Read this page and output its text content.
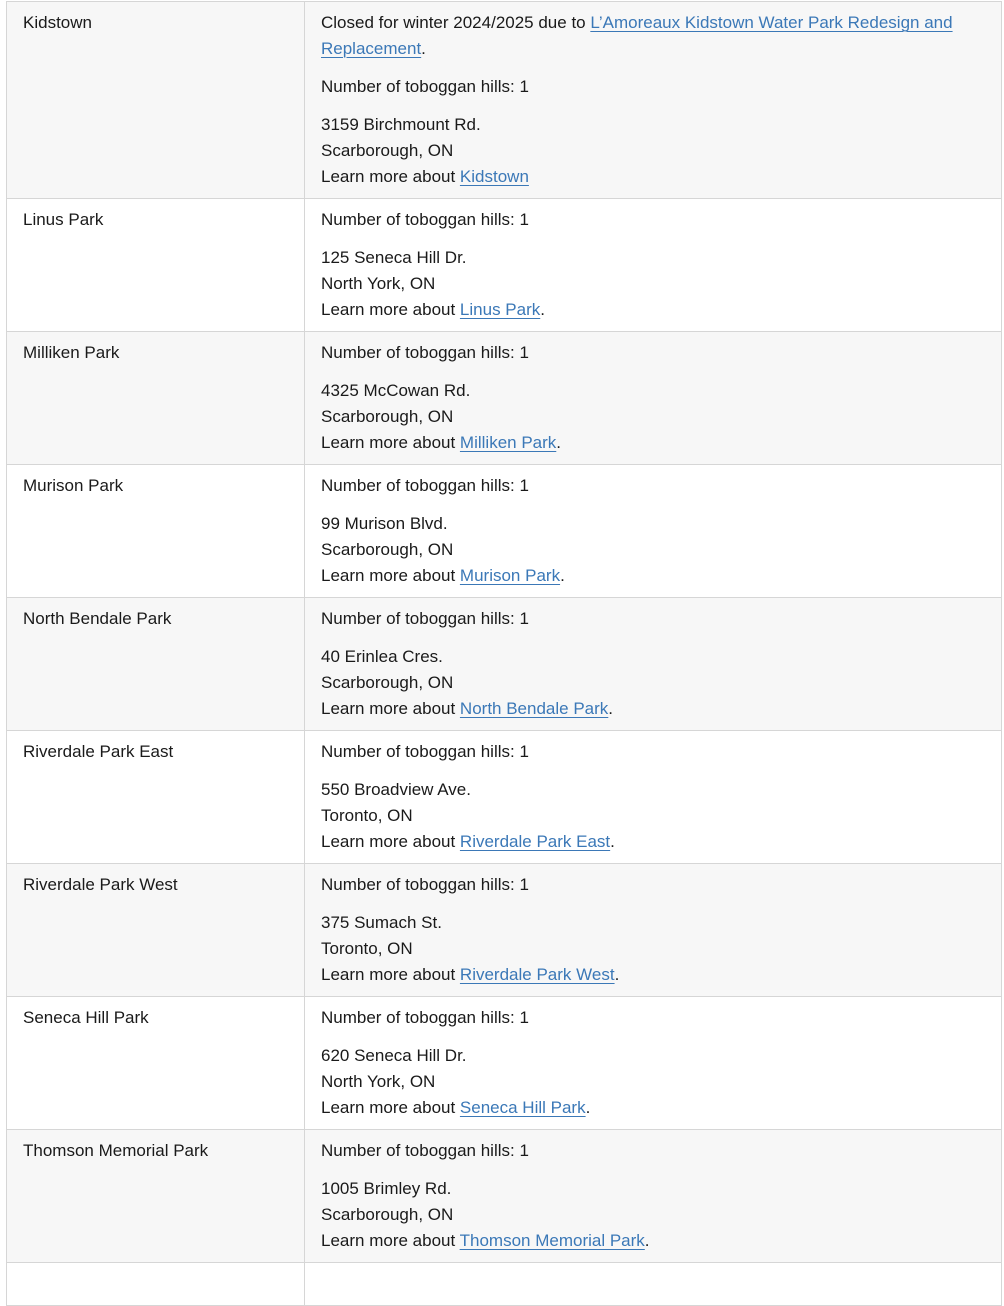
Kidstown	Closed for winter 2024/2025 due to L’Amoreaux Kidstown Water Park Redesign and Replacement.

Number of toboggan hills: 1

3159 Birchmount Rd.
Scarborough, ON
Learn more about Kidstown

Linus Park	Number of toboggan hills: 1

125 Seneca Hill Dr.
North York, ON
Learn more about Linus Park.

Milliken Park	Number of toboggan hills: 1

4325 McCowan Rd.
Scarborough, ON
Learn more about Milliken Park.

Murison Park	Number of toboggan hills: 1

99 Murison Blvd.
Scarborough, ON
Learn more about Murison Park.

North Bendale Park	Number of toboggan hills: 1

40 Erinlea Cres.
Scarborough, ON
Learn more about North Bendale Park.

Riverdale Park East	Number of toboggan hills: 1

550 Broadview Ave.
Toronto, ON
Learn more about Riverdale Park East.

Riverdale Park West	Number of toboggan hills: 1

375 Sumach St.
Toronto, ON
Learn more about Riverdale Park West.

Seneca Hill Park	Number of toboggan hills: 1

620 Seneca Hill Dr.
North York, ON
Learn more about Seneca Hill Park.

Thomson Memorial Park	Number of toboggan hills: 1

1005 Brimley Rd.
Scarborough, ON
Learn more about Thomson Memorial Park.
